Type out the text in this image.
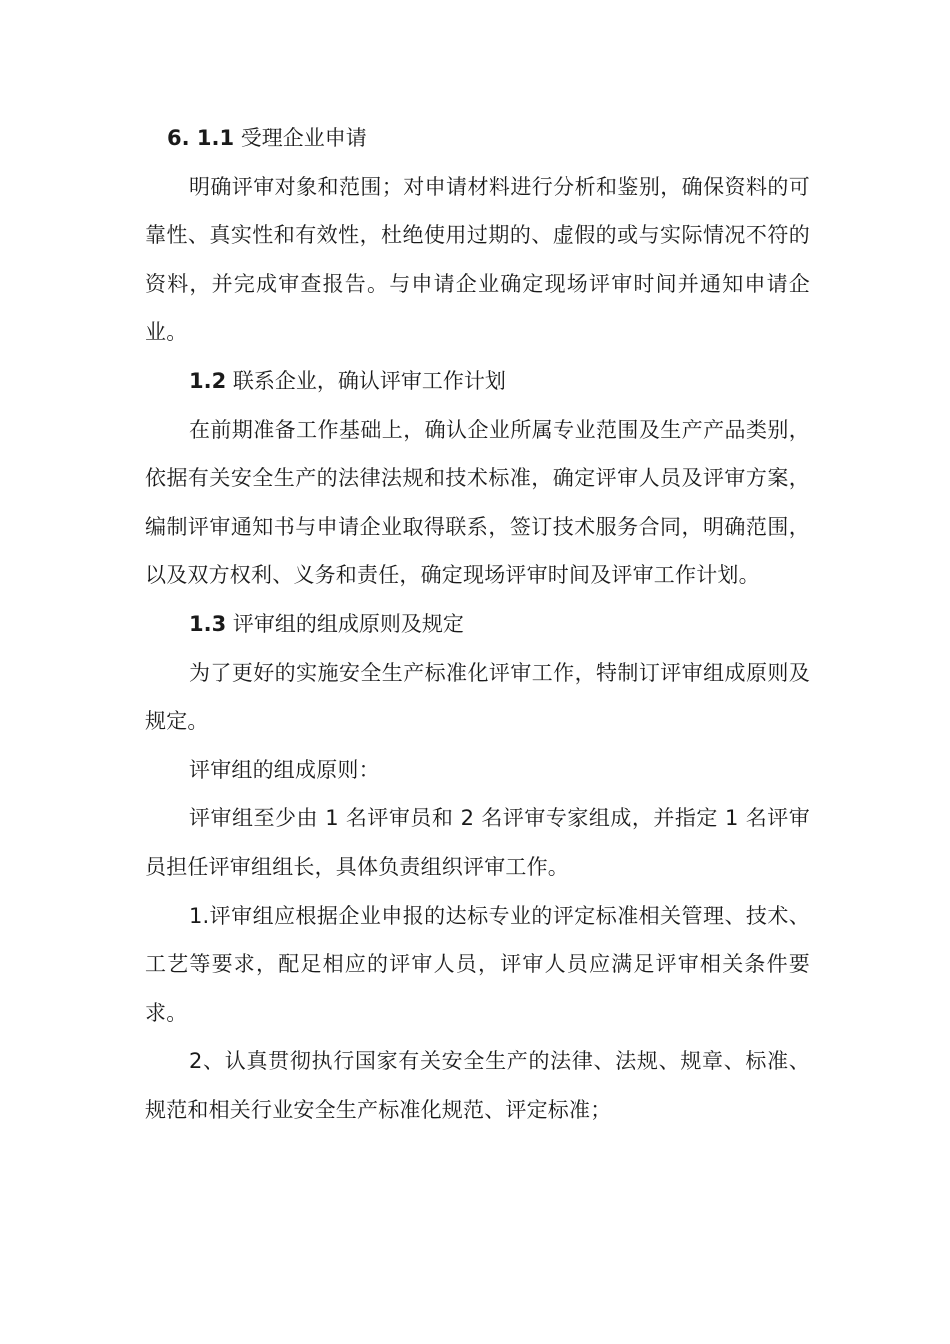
6. 1.1 受理企业申请

明确评审对象和范围；对申请材料进行分析和鉴别，确保资料的可靠性、真实性和有效性，杜绝使用过期的、虚假的或与实际情况不符的资料，并完成审查报告。与申请企业确定现场评审时间并通知申请企业。

1.2 联系企业，确认评审工作计划

在前期准备工作基础上，确认企业所属专业范围及生产产品类别，依据有关安全生产的法律法规和技术标准，确定评审人员及评审方案，编制评审通知书与申请企业取得联系，签订技术服务合同，明确范围，以及双方权利、义务和责任，确定现场评审时间及评审工作计划。

1.3 评审组的组成原则及规定

为了更好的实施安全生产标准化评审工作，特制订评审组成原则及规定。

评审组的组成原则：

评审组至少由 1 名评审员和 2 名评审专家组成，并指定 1 名评审员担任评审组组长，具体负责组织评审工作。

1.评审组应根据企业申报的达标专业的评定标准相关管理、技术、工艺等要求，配足相应的评审人员，评审人员应满足评审相关条件要求。

2、认真贯彻执行国家有关安全生产的法律、法规、规章、标准、规范和相关行业安全生产标准化规范、评定标准；
